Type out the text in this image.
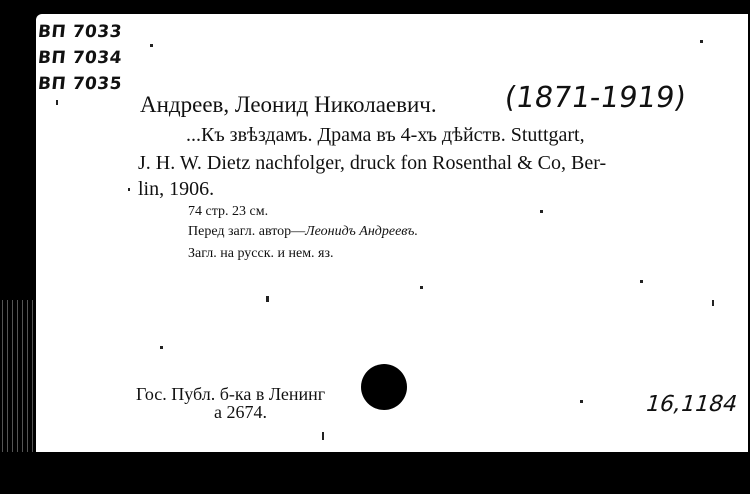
ВП 7033
ВП 7034
ВП 7035
Андреев, Леонид Николаевич. (1871-1919)
...Къ звѣздамъ. Драма въ 4-хъ дѣйств. Stuttgart,
J. H. W. Dietz nachfolger, druck fon Rosenthal & Co, Ber-
lin, 1906.
74 стр. 23 см.
Перед загл. автор—Леонидъ Андреевъ.
Загл. на русск. и нем. яз.
Гос. Публ. б-ка в Ленинг
а 2674.	16,1184
